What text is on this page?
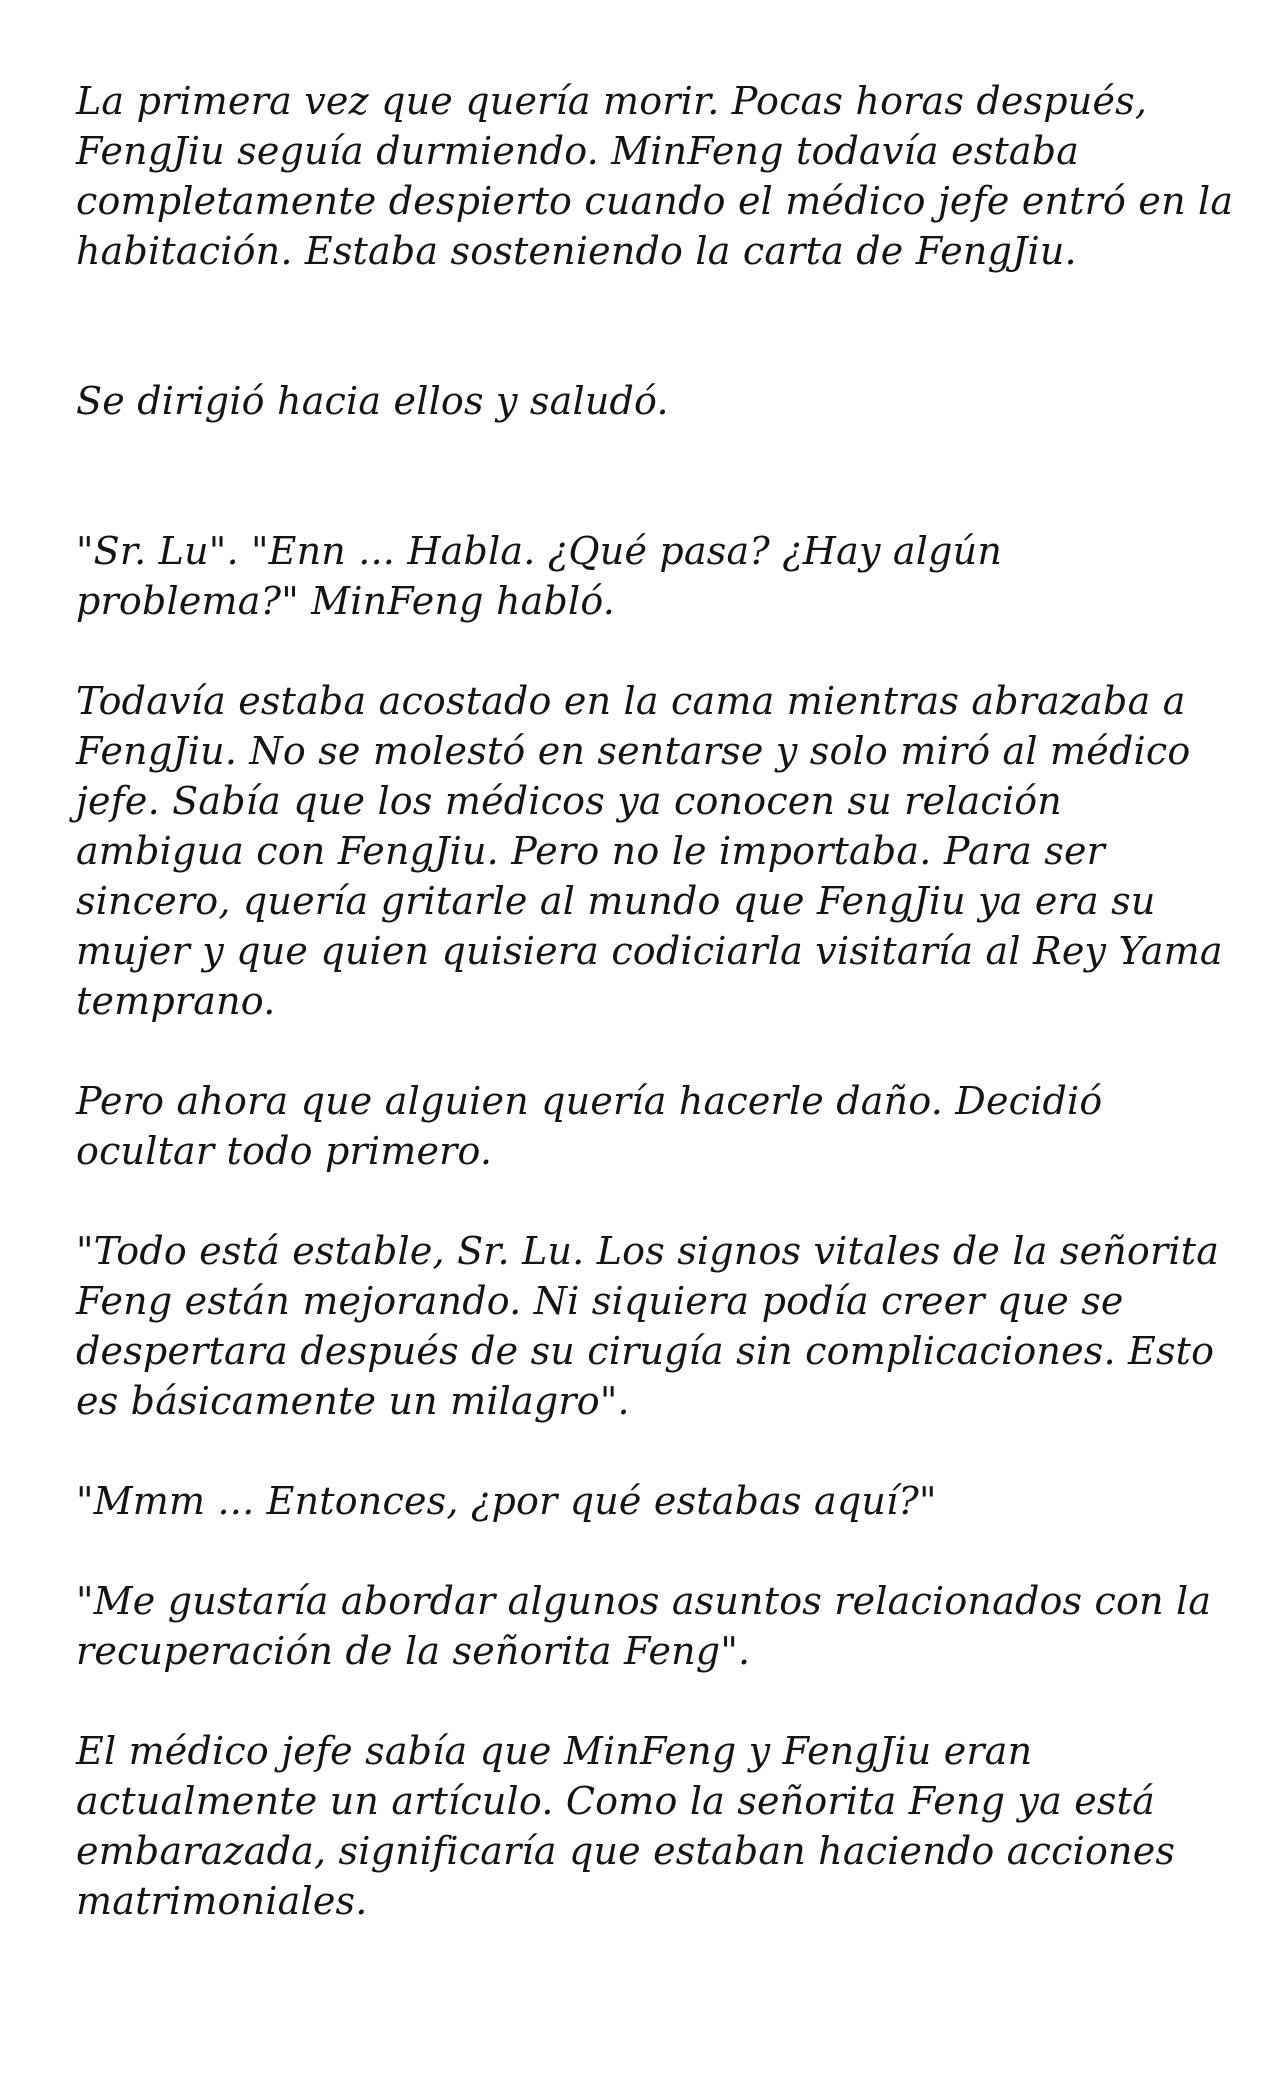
La primera vez que quería morir. Pocas horas después, FengJiu seguía durmiendo. MinFeng todavía estaba completamente despierto cuando el médico jefe entró en la habitación. Estaba sosteniendo la carta de FengJiu.

Se dirigió hacia ellos y saludó.

"Sr. Lu". "Enn ... Habla. ¿Qué pasa? ¿Hay algún problema?" MinFeng habló.

Todavía estaba acostado en la cama mientras abrazaba a FengJiu. No se molestó en sentarse y solo miró al médico jefe. Sabía que los médicos ya conocen su relación ambigua con FengJiu. Pero no le importaba. Para ser sincero, quería gritarle al mundo que FengJiu ya era su mujer y que quien quisiera codiciarla visitaría al Rey Yama temprano.

Pero ahora que alguien quería hacerle daño. Decidió ocultar todo primero.

"Todo está estable, Sr. Lu. Los signos vitales de la señorita Feng están mejorando. Ni siquiera podía creer que se despertara después de su cirugía sin complicaciones. Esto es básicamente un milagro".

"Mmm ... Entonces, ¿por qué estabas aquí?"

"Me gustaría abordar algunos asuntos relacionados con la recuperación de la señorita Feng".

El médico jefe sabía que MinFeng y FengJiu eran actualmente un artículo. Como la señorita Feng ya está embarazada, significaría que estaban haciendo acciones matrimoniales.
